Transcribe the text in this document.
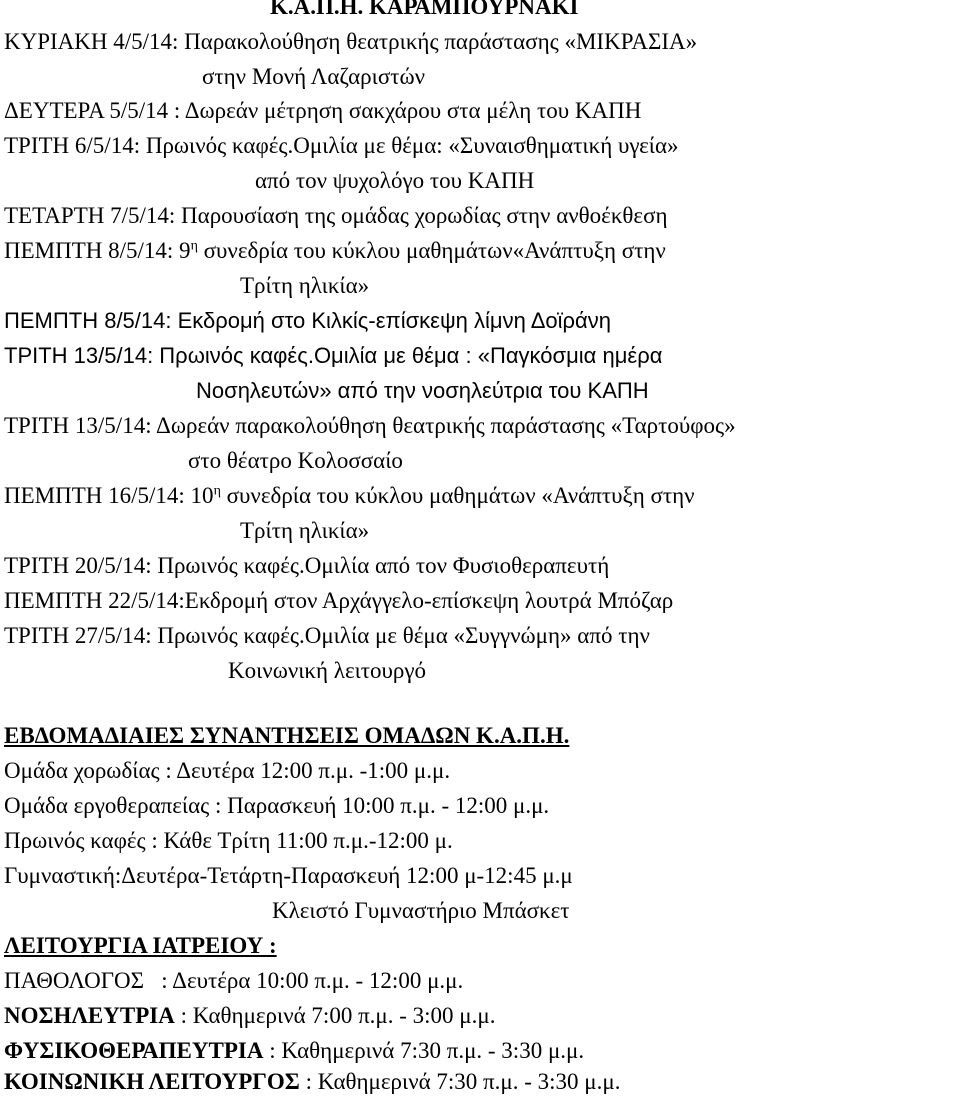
Κ.Α.Π.Η. ΚΑΡΑΜΠΟΥΡΝΑΚΙ
ΚΥΡΙΑΚΗ 4/5/14: Παρακολούθηση θεατρικής παράστασης «ΜΙΚΡΑΣΙΑ»
στην Μονή Λαζαριστών
ΔΕΥΤΕΡΑ 5/5/14 : Δωρεάν μέτρηση σακχάρου στα μέλη του ΚΑΠΗ
ΤΡΙΤΗ 6/5/14: Πρωινός καφές.Ομιλία με θέμα: «Συναισθηματική υγεία»
από τον ψυχολόγο του ΚΑΠΗ
ΤΕΤΑΡΤΗ 7/5/14: Παρουσίαση της ομάδας χορωδίας στην ανθοέκθεση
ΠΕΜΠΤΗ 8/5/14: $9^\eta$ συνεδρία του κύκλου μαθημάτων«Ανάπτυξη στην
Τρίτη ηλικία»
ΠΕΜΠΤΗ 8/5/14: Εκδρομή στο Κιλκίς-επίσκεψη λίμνη Δοϊράνη
ΤΡΙΤΗ 13/5/14: Πρωινός καφές.Ομιλία με θέμα : «Παγκόσμια ημέρα
Νοσηλευτών» από την νοσηλεύτρια του ΚΑΠΗ
ΤΡΙΤΗ 13/5/14: Δωρεάν παρακολούθηση θεατρικής παράστασης «Ταρτούφος»
στο θέατρο Κολοσσαίο
ΠΕΜΠΤΗ 16/5/14: $10^\eta$ συνεδρία του κύκλου μαθημάτων «Ανάπτυξη στην
Τρίτη ηλικία»
ΤΡΙΤΗ 20/5/14: Πρωινός καφές.Ομιλία από τον Φυσιοθεραπευτή
ΠΕΜΠΤΗ 22/5/14:Εκδρομή στον Αρχάγγελο-επίσκεψη λουτρά Μπόζαρ
ΤΡΙΤΗ 27/5/14: Πρωινός καφές.Ομιλία με θέμα «Συγγνώμη» από την
Κοινωνική λειτουργό
ΕΒΔΟΜΑΔΙΑΙΕΣ ΣΥΝΑΝΤΗΣΕΙΣ ΟΜΑΔΩΝ Κ.Α.Π.Η.
Ομάδα χορωδίας : Δευτέρα 12:00 π.μ. -1:00 μ.μ.
Ομάδα εργοθεραπείας : Παρασκευή 10:00 π.μ. - 12:00 μ.μ.
Πρωινός καφές : Κάθε Τρίτη 11:00 π.μ.-12:00 μ.
Γυμναστική:Δευτέρα-Τετάρτη-Παρασκευή 12:00 μ-12:45 μ.μ
Κλειστό Γυμναστήριο Μπάσκετ
ΛΕΙΤΟΥΡΓΙΑ ΙΑΤΡΕΙΟΥ :
ΠΑΘΟΛΟΓΟΣ   : Δευτέρα 10:00 π.μ. - 12:00 μ.μ.
ΝΟΣΗΛΕΥΤΡΙΑ : Καθημερινά 7:00 π.μ. - 3:00 μ.μ.
ΦΥΣΙΚΟΘΕΡΑΠΕΥΤΡΙΑ : Καθημερινά 7:30 π.μ. - 3:30 μ.μ.
ΚΟΙΝΩΝΙΚΗ ΛΕΙΤΟΥΡΓΟΣ : Καθημερινά 7:30 π.μ. - 3:30 μ.μ.
